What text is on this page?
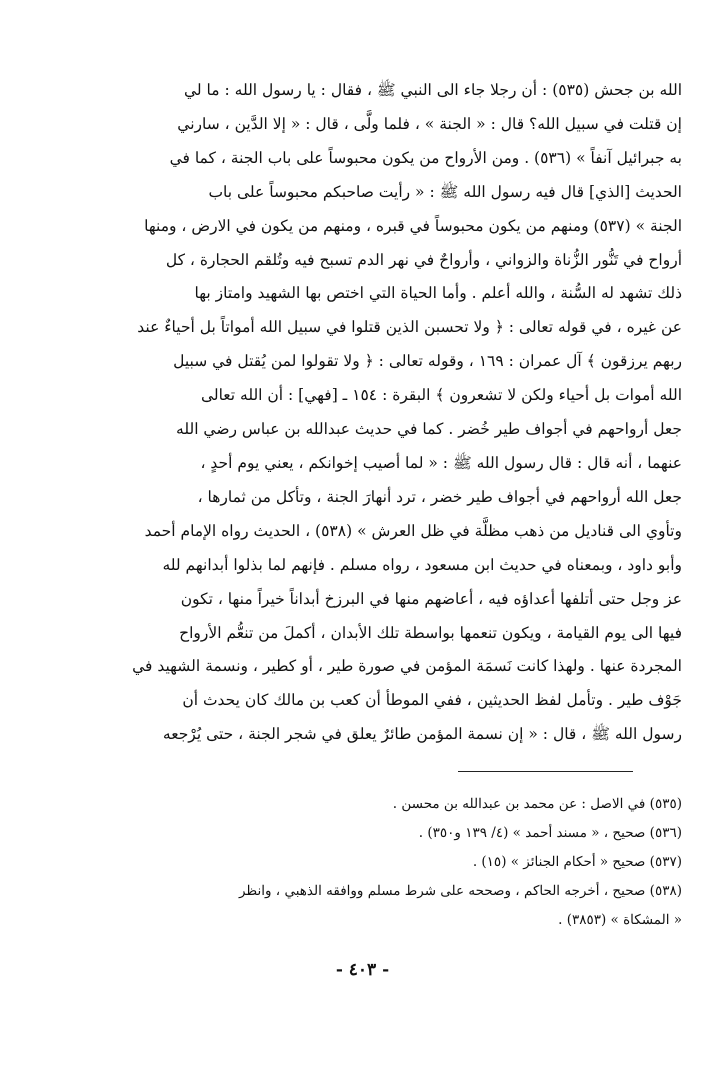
الله بن جحش (٥٣٥) : أن رجلا جاء الى النبي ﷺ ، فقال : يا رسول الله : ما لي
إن قتلت في سبيل الله؟ قال : « الجنة » ، فلما ولَّى ، قال : « إلا الدَّين ، سارني
به جبرائيل آنفاً » (٥٣٦) . ومن الأرواح من يكون محبوساً على باب الجنة ، كما في
الحديث [الذي] قال فيه رسول الله ﷺ : « رأيت صاحبكم محبوساً على باب
الجنة » (٥٣٧) ومنهم من يكون محبوساً في قبره ، ومنهم من يكون في الارض ، ومنها
أرواح في تَنُّور الزُّناة والزواني ، وأرواحٌ في نهر الدم تسبح فيه وتُلقم الحجارة ، كل
ذلك تشهد له السُّنة ، والله أعلم . وأما الحياة التي اختص بها الشهيد وامتاز بها
عن غيره ، في قوله تعالى : ﴿ ولا تحسبن الذين قتلوا في سبيل الله أمواتاً بل أحياءٌ عند
ربهم يرزقون ﴾ آل عمران : ١٦٩ ، وقوله تعالى : ﴿ ولا تقولوا لمن يُقتل في سبيل
الله أموات بل أحياء ولكن لا تشعرون ﴾ البقرة : ١٥٤ ـ [فهي] : أن الله تعالى
جعل أرواحهم في أجواف طير خُضر . كما في حديث عبدالله بن عباس رضي الله
عنهما ، أنه قال : قال رسول الله ﷺ : « لما أصيب إخوانكم ، يعني يوم أحدٍ ،
جعل الله أرواحهم في أجواف طير خضر ، ترد أنهارَ الجنة ، وتأكل من ثمارها ،
وتأوي الى قناديل من ذهب مظلَّة في ظل العرش » (٥٣٨) ، الحديث رواه الإمام أحمد
وأبو داود ، وبمعناه في حديث ابن مسعود ، رواه مسلم . فإنهم لما بذلوا أبدانهم لله
عز وجل حتى أتلفها أعداؤه فيه ، أعاضهم منها في البرزخ أبداناً خيراً منها ، تكون
فيها الى يوم القيامة ، ويكون تنعمها بواسطة تلك الأبدان ، أكملَ من تنعُّم الأرواح
المجردة عنها . ولهذا كانت نَسمَة المؤمن في صورة طير ، أو كطير ، ونسمة الشهيد في
جَوْف طير . وتأمل لفظ الحديثين ، ففي الموطأ أن كعب بن مالك كان يحدث أن
رسول الله ﷺ ، قال : « إن نسمة المؤمن طائرٌ يعلق في شجر الجنة ، حتى يُرْجعه
(٥٣٥) في الاصل : عن محمد بن عبدالله بن محسن .
(٥٣٦) صحيح ، « مسند أحمد » (٤/ ١٣٩ و٣٥٠) .
(٥٣٧) صحيح « أحكام الجنائز » (١٥) .
(٥٣٨) صحيح ، أخرجه الحاكم ، وصححه على شرط مسلم ووافقه الذهبي ، وانظر
« المشكاة » (٣٨٥٣) .
- ٤٠٣ -
